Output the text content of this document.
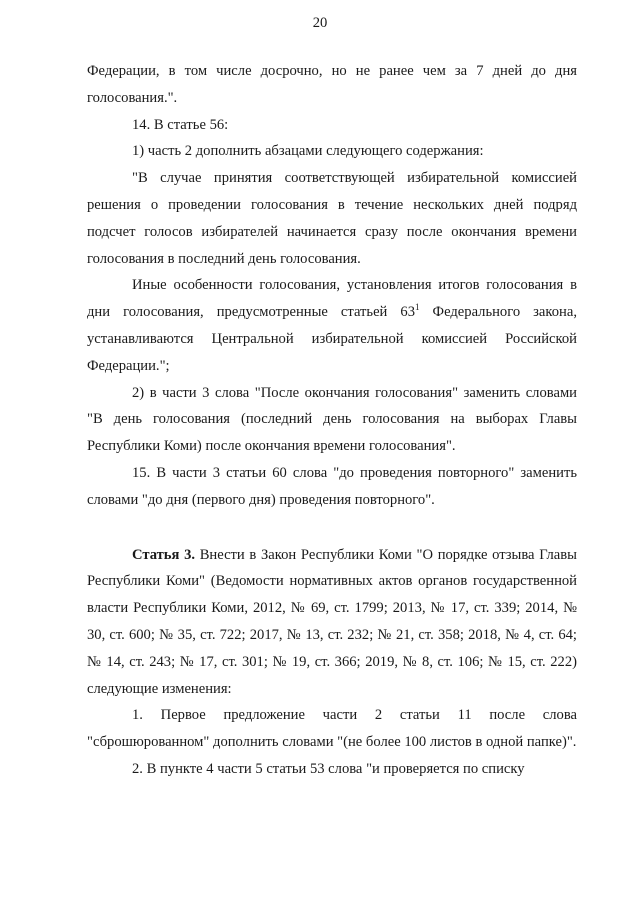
20

Федерации, в том числе досрочно, но не ранее чем за 7 дней до дня голосования.".

14. В статье 56:

1) часть 2 дополнить абзацами следующего содержания:

"В случае принятия соответствующей избирательной комиссией решения о проведении голосования в течение нескольких дней подряд подсчет голосов избирателей начинается сразу после окончания времени голосования в последний день голосования.

Иные особенности голосования, установления итогов голосования в дни голосования, предусмотренные статьей $63^1$ Федерального закона, устанавливаются Центральной избирательной комиссией Российской Федерации.";

2) в части 3 слова "После окончания голосования" заменить словами "В день голосования (последний день голосования на выборах Главы Республики Коми) после окончания времени голосования".

15. В части 3 статьи 60 слова "до проведения повторного" заменить словами "до дня (первого дня) проведения повторного".

Статья 3. Внести в Закон Республики Коми "О порядке отзыва Главы Республики Коми" (Ведомости нормативных актов органов государственной власти Республики Коми, 2012, № 69, ст. 1799; 2013, № 17, ст. 339; 2014, № 30, ст. 600; № 35, ст. 722; 2017, № 13, ст. 232; № 21, ст. 358; 2018, № 4, ст. 64; № 14, ст. 243; № 17, ст. 301; № 19, ст. 366; 2019, № 8, ст. 106; № 15, ст. 222) следующие изменения:

1. Первое предложение части 2 статьи 11 после слова "сброшюрованном" дополнить словами "(не более 100 листов в одной папке)".

2. В пункте 4 части 5 статьи 53 слова "и проверяется по списку
